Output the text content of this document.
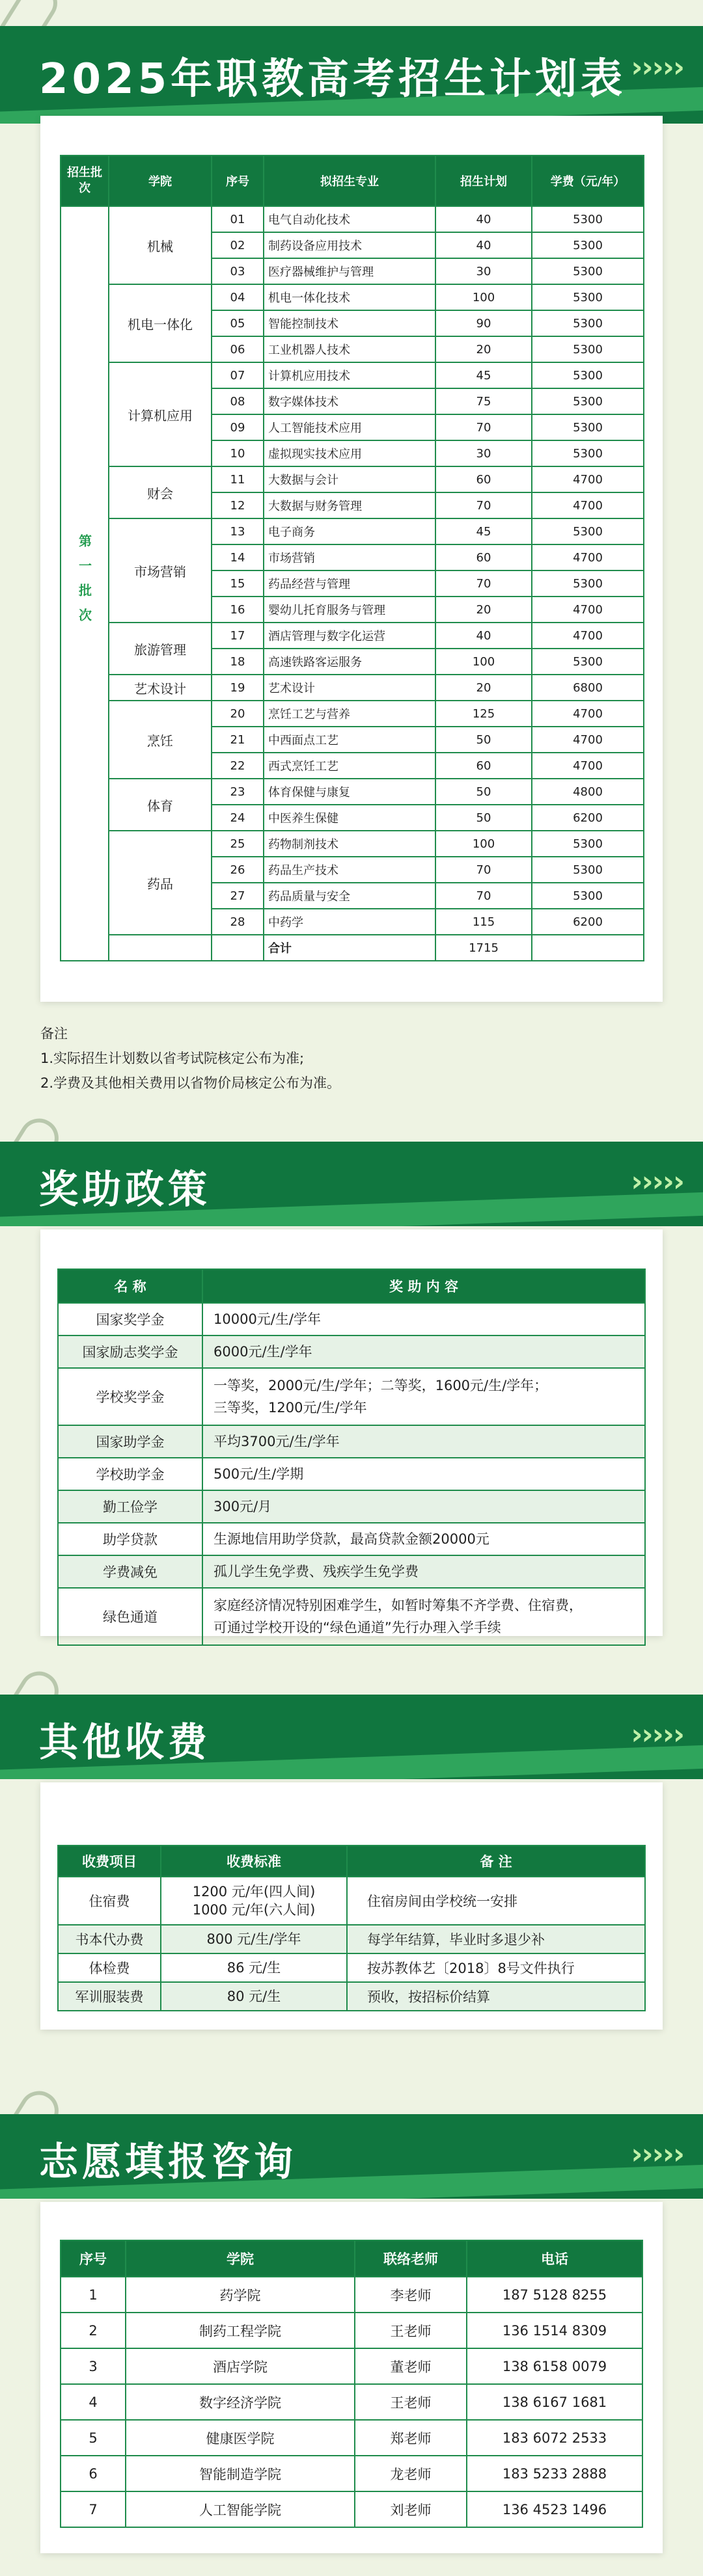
2025年职教高考招生计划表 ›››››
招生批次	学院	序号	拟招生专业	招生计划	学费（元/年）
第一批次	机械	01	电气自动化技术	40	5300
		02	制药设备应用技术	40	5300
		03	医疗器械维护与管理	30	5300
	机电一体化	04	机电一体化技术	100	5300
		05	智能控制技术	90	5300
		06	工业机器人技术	20	5300
	计算机应用	07	计算机应用技术	45	5300
		08	数字媒体技术	75	5300
		09	人工智能技术应用	70	5300
		10	虚拟现实技术应用	30	5300
	财会	11	大数据与会计	60	4700
		12	大数据与财务管理	70	4700
	市场营销	13	电子商务	45	5300
		14	市场营销	60	4700
		15	药品经营与管理	70	5300
		16	婴幼儿托育服务与管理	20	4700
	旅游管理	17	酒店管理与数字化运营	40	4700
		18	高速铁路客运服务	100	5300
	艺术设计	19	艺术设计	20	6800
	烹饪	20	烹饪工艺与营养	125	4700
		21	中西面点工艺	50	4700
		22	西式烹饪工艺	60	4700
	体育	23	体育保健与康复	50	4800
		24	中医养生保健	50	6200
	药品	25	药物制剂技术	100	5300
		26	药品生产技术	70	5300
		27	药品质量与安全	70	5300
		28	中药学	115	6200
			合计	1715	
备注
1.实际招生计划数以省考试院核定公布为准;
2.学费及其他相关费用以省物价局核定公布为准。
奖助政策	›››››
名 称	奖 助 内 容
国家奖学金	10000元/生/学年

国家励志奖学金	6000元/生/学年

学校奖学金	一等奖，2000元/生/学年；二等奖，1600元/生/学年；
三等奖，1200元/生/学年

国家助学金	平均3700元/生/学年

学校助学金	500元/生/学期

勤工俭学	300元/月

助学贷款	生源地信用助学贷款，最高贷款金额20000元

学费减免	孤儿学生免学费、残疾学生免学费

绿色通道	家庭经济情况特别困难学生，如暂时筹集不齐学费、住宿费，
可通过学校开设的“绿色通道”先行办理入学手续
其他收费	›››››
收费项目	收费标准	备 注
住宿费	1200 元/年(四人间)
1000 元/年(六人间)	住宿房间由学校统一安排
书本代办费	800 元/生/学年	每学年结算，毕业时多退少补
体检费	86 元/生	按苏教体艺〔2018〕8号文件执行
军训服装费	80 元/生	预收，按招标价结算
志愿填报咨询	›››››
序号	学院	联络老师	电话
1	药学院	李老师	187 5128 8255
2	制药工程学院	王老师	136 1514 8309
3	酒店学院	董老师	138 6158 0079
4	数字经济学院	王老师	138 6167 1681
5	健康医学院	郑老师	183 6072 2533
6	智能制造学院	龙老师	183 5233 2888
7	人工智能学院	刘老师	136 4523 1496
